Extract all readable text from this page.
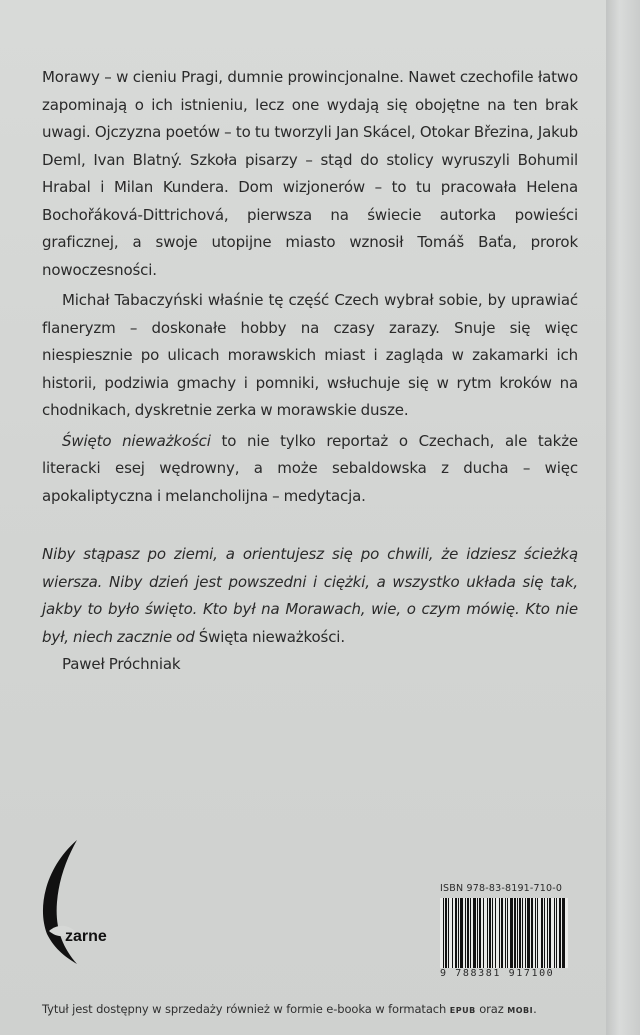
Morawy – w cieniu Pragi, dumnie prowincjonalne. Nawet czechofile łatwo zapominają o ich istnieniu, lecz one wydają się obojętne na ten brak uwagi. Ojczyzna poetów – to tu tworzyli Jan Skácel, Otokar Březina, Jakub Deml, Ivan Blatný. Szkoła pisarzy – stąd do stolicy wyruszyli Bohumil Hrabal i Milan Kundera. Dom wizjonerów – to tu pracowała Helena Bochořáková-Dittrichová, pierwsza na świecie autorka powieści graficznej, a swoje utopijne miasto wznosił Tomáš Baťa, prorok nowoczesności.

Michał Tabaczyński właśnie tę część Czech wybrał sobie, by uprawiać flaneryzm – doskonałe hobby na czasy zarazy. Snuje się więc niespiesznie po ulicach morawskich miast i zagląda w zakamarki ich historii, podziwia gmachy i pomniki, wsłuchuje się w rytm kroków na chodnikach, dyskretnie zerka w morawskie dusze.

Święto nieważkości to nie tylko reportaż o Czechach, ale także literacki esej wędrowny, a może sebaldowska z ducha – więc apokaliptyczna i melancholijna – medytacja.

Niby stąpasz po ziemi, a orientujesz się po chwili, że idziesz ścieżką wiersza. Niby dzień jest powszedni i ciężki, a wszystko układa się tak, jakby to było święto. Kto był na Morawach, wie, o czym mówię. Kto nie był, niech zacznie od Święta nieważkości.

Paweł Próchniak

zarne
ISBN 978-83-8191-710-0
9 788381 917100
Tytuł jest dostępny w sprzedaży również w formie e-booka w formatach epub oraz mobi.
